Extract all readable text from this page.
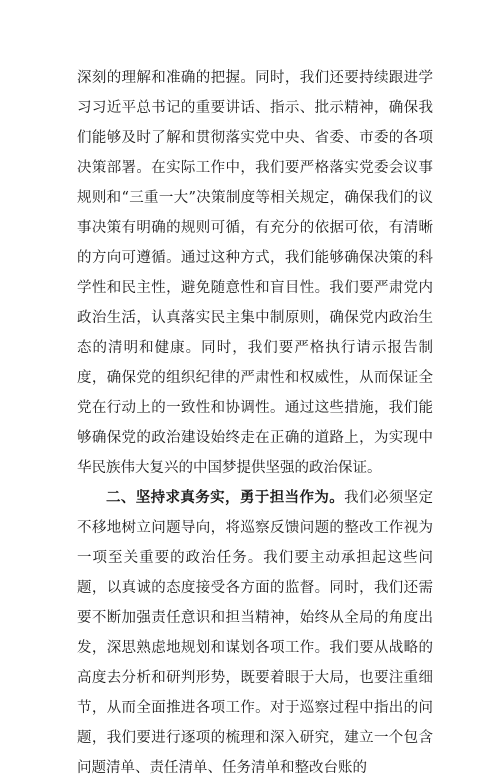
深刻的理解和准确的把握。同时，我们还要持续跟进学习习近平总书记的重要讲话、指示、批示精神，确保我们能够及时了解和贯彻落实党中央、省委、市委的各项决策部署。在实际工作中，我们要严格落实党委会议事规则和“三重一大”决策制度等相关规定，确保我们的议事决策有明确的规则可循，有充分的依据可依，有清晰的方向可遵循。通过这种方式，我们能够确保决策的科学性和民主性，避免随意性和盲目性。我们要严肃党内政治生活，认真落实民主集中制原则，确保党内政治生态的清明和健康。同时，我们要严格执行请示报告制度，确保党的组织纪律的严肃性和权威性，从而保证全党在行动上的一致性和协调性。通过这些措施，我们能够确保党的政治建设始终走在正确的道路上，为实现中华民族伟大复兴的中国梦提供坚强的政治保证。

二、坚持求真务实，勇于担当作为。我们必须坚定不移地树立问题导向，将巡察反馈问题的整改工作视为一项至关重要的政治任务。我们要主动承担起这些问题，以真诚的态度接受各方面的监督。同时，我们还需要不断加强责任意识和担当精神，始终从全局的角度出发，深思熟虑地规划和谋划各项工作。我们要从战略的高度去分析和研判形势，既要着眼于大局，也要注重细节，从而全面推进各项工作。对于巡察过程中指出的问题，我们要进行逐项的梳理和深入研究，建立一个包含问题清单、责任清单、任务清单和整改台账的
